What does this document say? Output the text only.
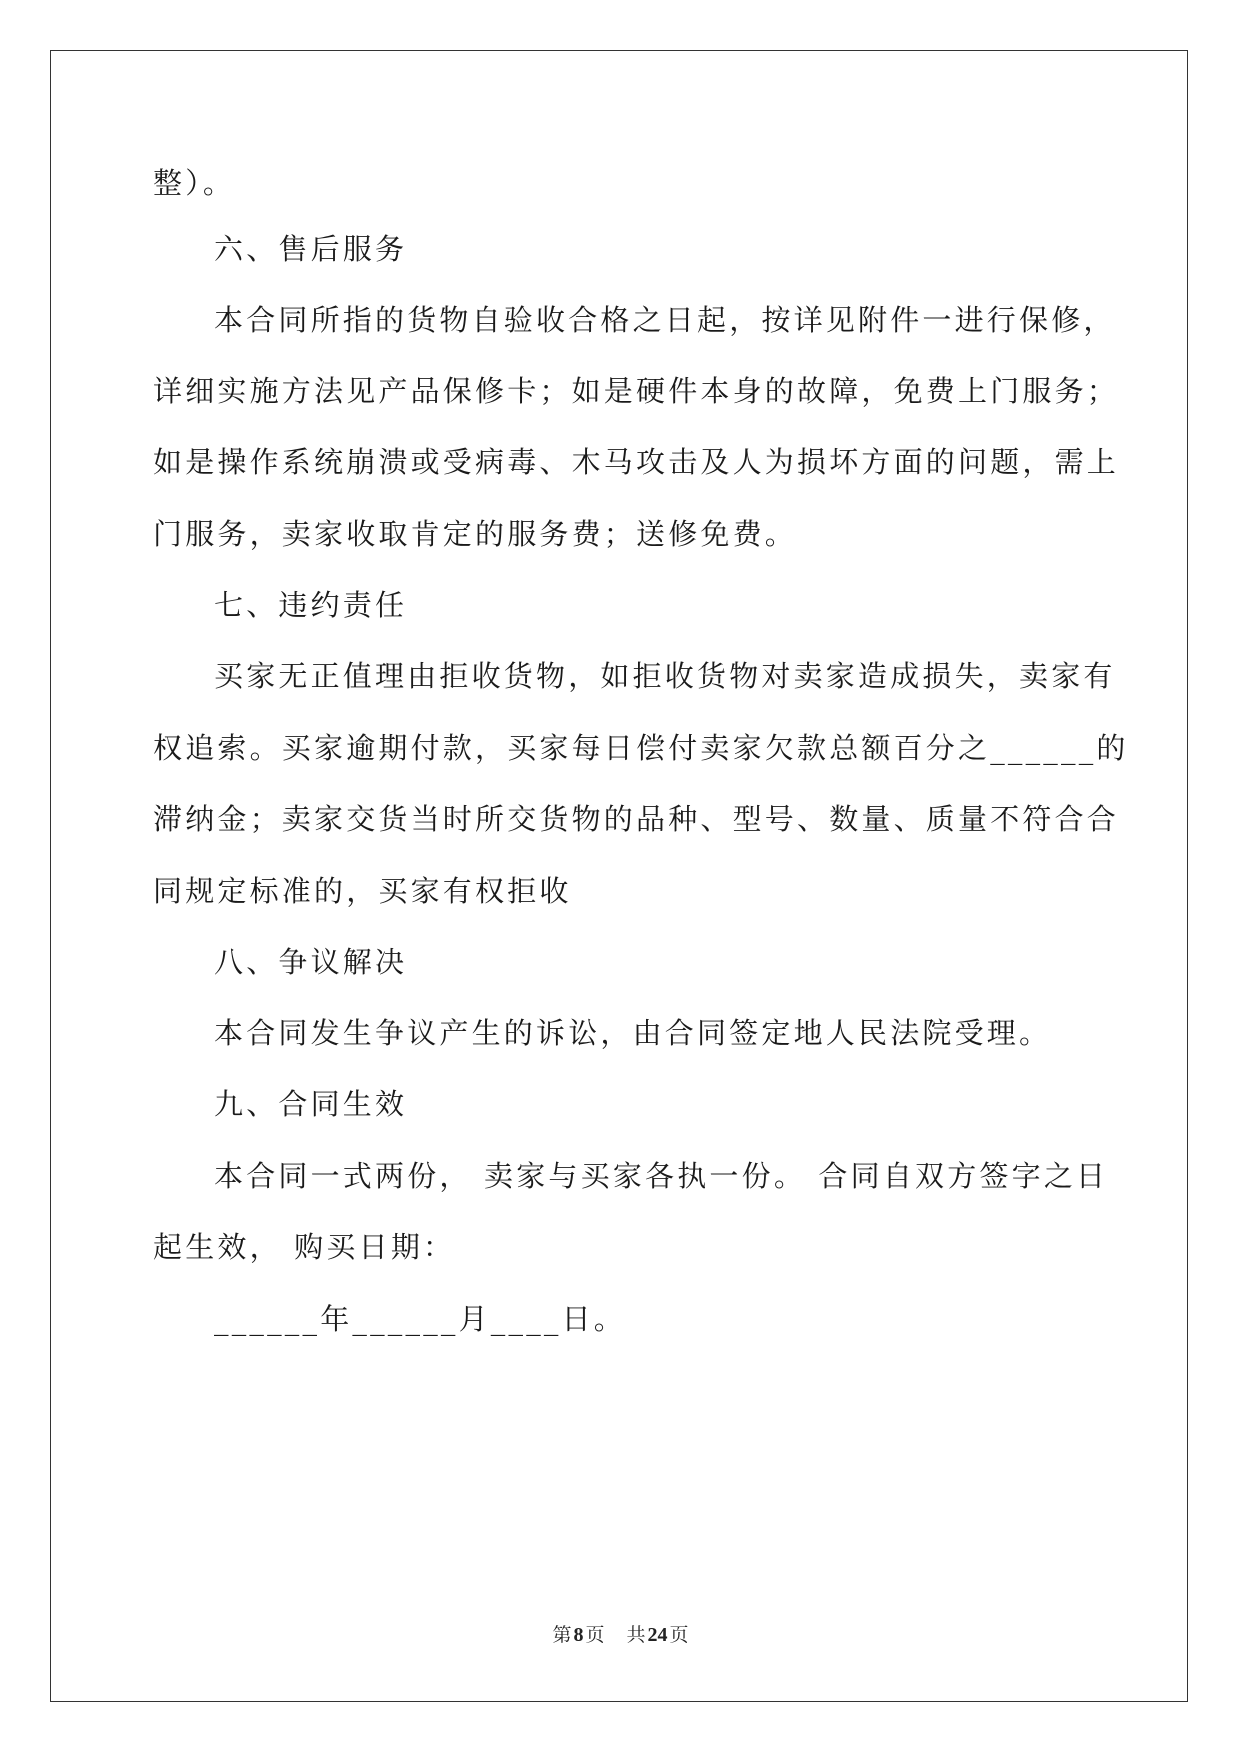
整）。
六、售后服务
本合同所指的货物自验收合格之日起，按详见附件一进行保修，
详细实施方法见产品保修卡；如是硬件本身的故障，免费上门服务；
如是操作系统崩溃或受病毒、木马攻击及人为损坏方面的问题，需上
门服务，卖家收取肯定的服务费；送修免费。
七、违约责任
买家无正值理由拒收货物，如拒收货物对卖家造成损失，卖家有
权追索。买家逾期付款，买家每日偿付卖家欠款总额百分之______的
滞纳金；卖家交货当时所交货物的品种、型号、数量、质量不符合合
同规定标准的，买家有权拒收
八、争议解决
本合同发生争议产生的诉讼，由合同签定地人民法院受理。
九、合同生效
本合同一式两份， 卖家与买家各执一份。 合同自双方签字之日
起生效， 购买日期：
______年______月____日。
第 8 页 共 24 页
